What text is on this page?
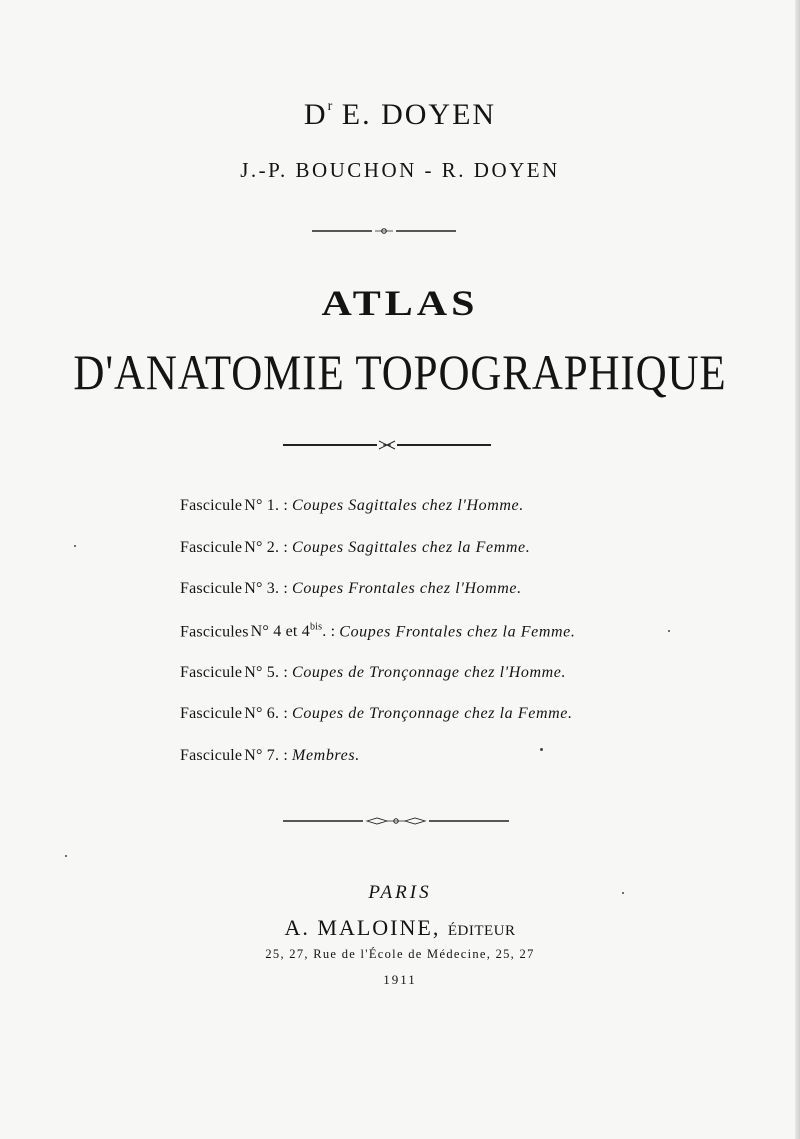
$D^r$ E. DOYEN
J.-P. BOUCHON - R. DOYEN
ATLAS
D'ANATOMIE TOPOGRAPHIQUE
Fascicule N° 1. : Coupes Sagittales chez l'Homme.
Fascicule N° 2. : Coupes Sagittales chez la Femme.
Fascicule N° 3. : Coupes Frontales chez l'Homme.
Fascicules N° 4 et $4^{bis}$. : Coupes Frontales chez la Femme.
Fascicule N° 5. : Coupes de Tronçonnage chez l'Homme.
Fascicule N° 6. : Coupes de Tronçonnage chez la Femme.
Fascicule N° 7. : Membres.
PARIS
A. MALOINE, ÉDITEUR
25, 27, Rue de l'École de Médecine, 25, 27
1911
